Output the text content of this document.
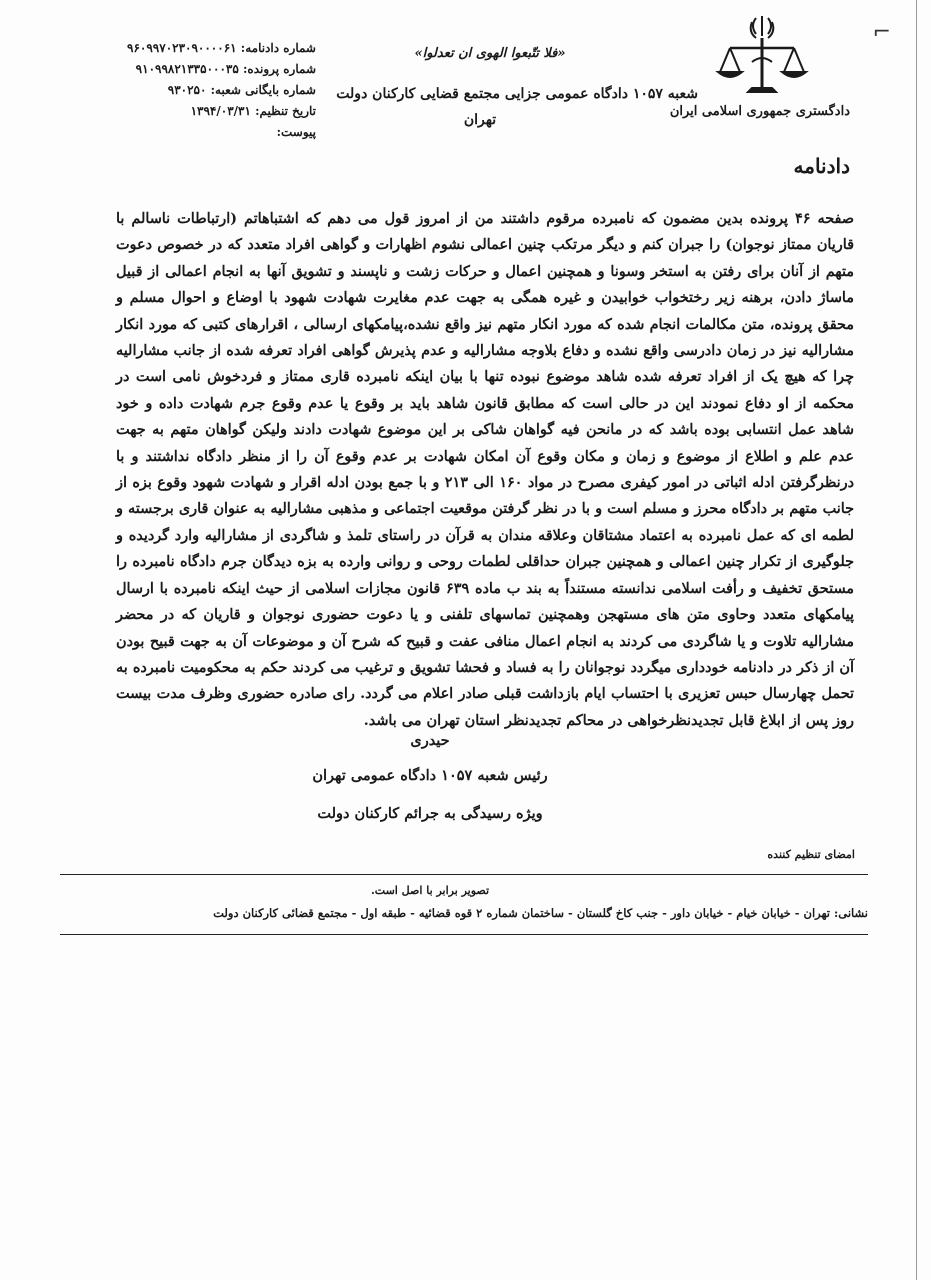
⌐
دادگستری جمهوری اسلامی ایران
«فلا تتّبعوا الهوی ان تعدلوا»
شعبه ۱۰۵۷ دادگاه عمومی جزایی مجتمع قضایی کارکنان دولت
تهران
شماره دادنامه: ۹۶۰۹۹۷۰۲۳۰۹۰۰۰۰۶۱
شماره پرونده: ۹۱۰۹۹۸۲۱۳۳۵۰۰۰۳۵
شماره بایگانی شعبه: ۹۳۰۲۵۰
تاریخ تنظیم: ۱۳۹۴/۰۳/۳۱
پیوست:
دادنامه
صفحه ۴۶ پرونده بدین مضمون که نامبرده مرقوم داشتند من از امروز قول می دهم که اشتباهاتم (ارتباطات ناسالم با قاریان ممتاز نوجوان) را جبران کنم و دیگر مرتکب چنین اعمالی نشوم اظهارات و گواهی افراد متعدد که در خصوص دعوت متهم از آنان برای رفتن به استخر وسونا و همچنین اعمال و حرکات زشت و ناپسند و تشویق آنها به انجام اعمالی از قبیل ماساژ دادن، برهنه زیر رختخواب خوابیدن و غیره همگی به جهت عدم مغایرت شهادت شهود با اوضاع و احوال مسلم و محقق پرونده، متن مکالمات انجام شده که مورد انکار متهم نیز واقع نشده،پیامکهای ارسالی ، اقرارهای کتبی که مورد انکار مشارالیه نیز در زمان دادرسی واقع نشده و دفاع بلاوجه مشارالیه و عدم پذیرش گواهی افراد تعرفه شده از جانب مشارالیه چرا که هیچ یک از افراد تعرفه شده شاهد موضوع نبوده تنها با بیان اینکه نامبرده قاری ممتاز و فردخوش نامی است در محکمه از او دفاع نمودند این در حالی است که مطابق قانون شاهد باید بر وقوع یا عدم وقوع جرم شهادت داده و خود شاهد عمل انتسابی بوده باشد که در مانحن فیه گواهان شاکی بر این موضوع شهادت دادند ولیکن گواهان متهم به جهت عدم علم و اطلاع از موضوع و زمان و مکان وقوع آن امکان شهادت بر عدم وقوع آن را از منظر دادگاه نداشتند و با درنظرگرفتن ادله اثباتی در امور کیفری مصرح در مواد ۱۶۰ الی ۲۱۳ و با جمع بودن ادله اقرار و شهادت شهود وقوع بزه از جانب متهم بر دادگاه محرز و مسلم است و با در نظر گرفتن موقعیت اجتماعی و مذهبی مشارالیه به عنوان قاری برجسته و لطمه ای که عمل نامبرده به اعتماد مشتاقان وعلاقه مندان به قرآن در راستای تلمذ و شاگردی از مشارالیه وارد گردیده و جلوگیری از تکرار چنین اعمالی و همچنین جبران حداقلی لطمات روحی و روانی وارده به بزه دیدگان جرم دادگاه نامبرده را مستحق تخفیف و رأفت اسلامی ندانسته مستنداً به بند ب ماده ۶۳۹ قانون مجازات اسلامی از حیث اینکه نامبرده با ارسال پیامکهای متعدد وحاوی متن های مستهجن وهمچنین تماسهای تلفنی و یا دعوت حضوری نوجوان و قاریان که در محضر مشارالیه تلاوت و یا شاگردی می کردند به انجام اعمال منافی عفت و قبیح که شرح آن و موضوعات آن به جهت قبیح بودن آن از ذکر در دادنامه خودداری میگردد نوجوانان را به فساد و فحشا تشویق و ترغیب می کردند حکم به محکومیت نامبرده به تحمل چهارسال حبس تعزیری با احتساب ایام بازداشت قبلی صادر اعلام می گردد. رای صادره حضوری وظرف مدت بیست روز پس از ابلاغ قابل تجدیدنظرخواهی در محاکم تجدیدنظر استان تهران می باشد.
حیدری
رئیس شعبه ۱۰۵۷ دادگاه عمومی تهران
ویژه رسیدگی به جرائم کارکنان دولت
امضای تنظیم کننده
تصویر برابر با اصل است.
نشانی: تهران - خیابان خیام - خیابان داور - جنب کاخ گلستان - ساختمان شماره ۲ قوه قضائیه - طبقه اول - مجتمع قضائی کارکنان دولت
